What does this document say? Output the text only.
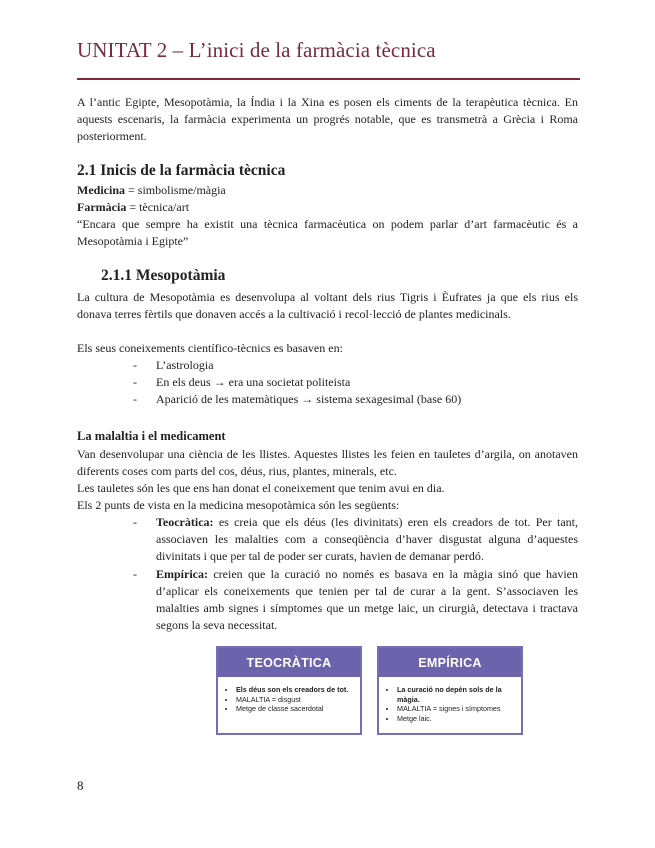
UNITAT 2 – L’inici de la farmàcia tècnica
A l’antic Egipte, Mesopotàmia, la Índia i la Xina es posen els ciments de la terapèutica tècnica. En aquests escenaris, la farmàcia experimenta un progrés notable, que es transmetrà a Grècia i Roma posteriorment.
2.1 Inicis de la farmàcia tècnica
Medicina = simbolisme/màgia
Farmàcia = tècnica/art
“Encara que sempre ha existit una tècnica farmacèutica on podem parlar d’art farmacèutic és a Mesopotàmia i Egipte”
2.1.1 Mesopotàmia
La cultura de Mesopotàmia es desenvolupa al voltant dels rius Tigris i Èufrates ja que els rius els donava terres fèrtils que donaven accés a la cultivació i recol·lecció de plantes medicinals.
Els seus coneixements científico-tècnics es basaven en:
- L’astrologia
- En els deus → era una societat politeista
- Aparició de les matemàtiques → sistema sexagesimal (base 60)
La malaltia i el medicament
Van desenvolupar una ciència de les llistes. Aquestes llistes les feien en tauletes d’argila, on anotaven diferents coses com parts del cos, déus, rius, plantes, minerals, etc.
Les tauletes són les que ens han donat el coneixement que tenim avui en dia.
Els 2 punts de vista en la medicina mesopotàmica són les següents:
- Teocràtica: es creia que els déus (les divinitats) eren els creadors de tot. Per tant, associaven les malalties com a conseqüència d’haver disgustat alguna d’aquestes divinitats i que per tal de poder ser curats, havien de demanar perdó.
- Empírica: creien que la curació no només es basava en la màgia sinó que havien d’aplicar els coneixements que tenien per tal de curar a la gent. S’associaven les malalties amb signes i símptomes que un metge laic, un cirurgià, detectava i tractava segons la seva necessitat.
TEOCRÀTICA
• Els déus son els creadors de tot.
• MALALTIA = disgust
• Metge de classe sacerdotal
EMPÍRICA
• La curació no depèn sols de la màgia.
• MALALTIA = signes i símptomes
• Metge laic.
8
